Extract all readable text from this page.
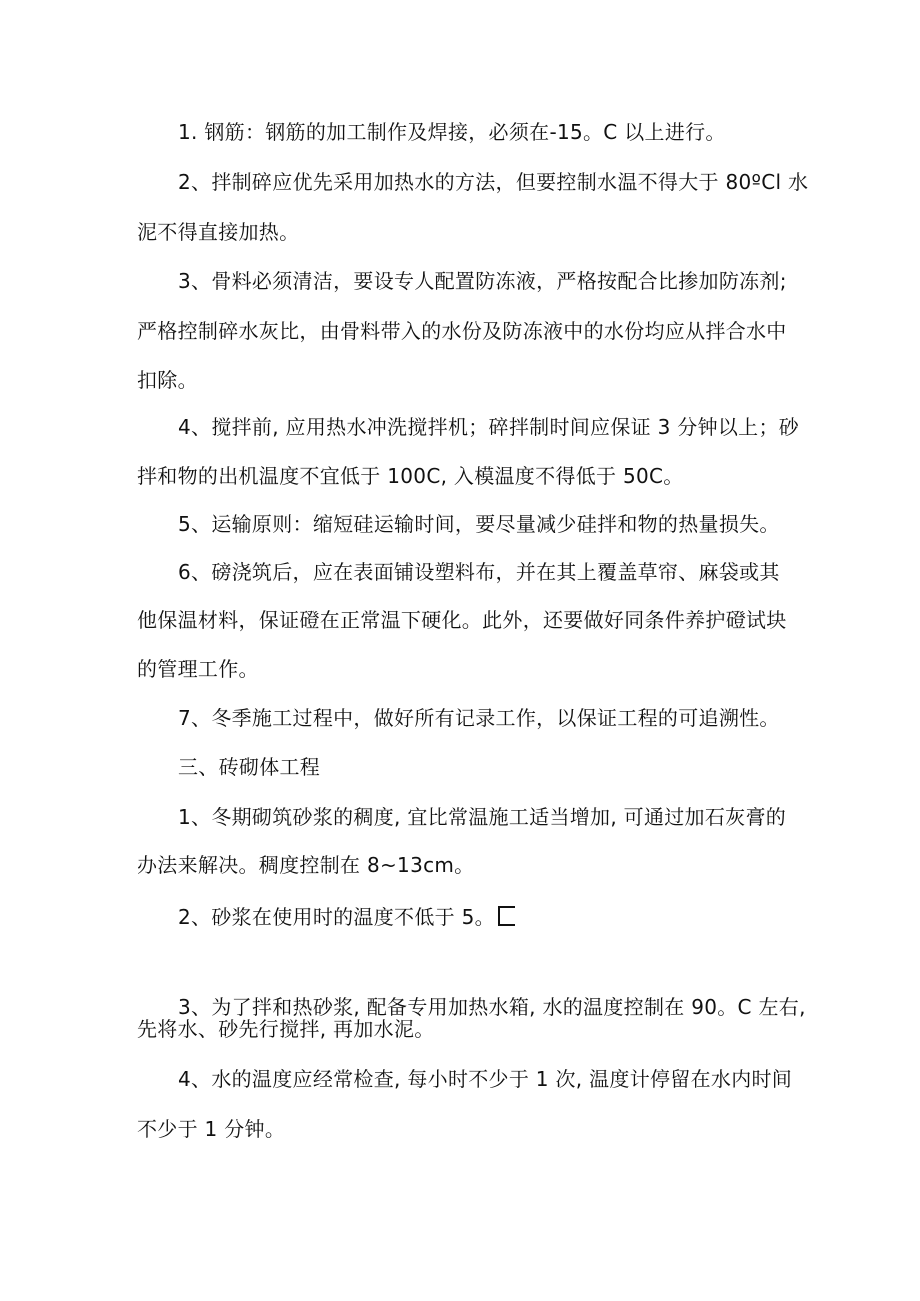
1. 钢筋：钢筋的加工制作及焊接，必须在-15。C 以上进行。
2、拌制碎应优先采用加热水的方法，但要控制水温不得大于 80ºCl 水
泥不得直接加热。
3、骨料必须清洁，要设专人配置防冻液，严格按配合比掺加防冻剂;
严格控制碎水灰比，由骨料带入的水份及防冻液中的水份均应从拌合水中
扣除。
4、搅拌前, 应用热水冲洗搅拌机；碎拌制时间应保证 3 分钟以上；砂
拌和物的出机温度不宜低于 100C, 入模温度不得低于 50C。
5、运输原则：缩短硅运输时间，要尽量减少硅拌和物的热量损失。
6、磅浇筑后，应在表面铺设塑料布，并在其上覆盖草帘、麻袋或其
他保温材料，保证磴在正常温下硬化。此外，还要做好同条件养护磴试块
的管理工作。
7、冬季施工过程中，做好所有记录工作，以保证工程的可追溯性。
三、砖砌体工程
1、冬期砌筑砂浆的稠度, 宜比常温施工适当增加, 可通过加石灰膏的
办法来解决。稠度控制在 8~13cm。
2、砂浆在使用时的温度不低于 5。
3、为了拌和热砂浆, 配备专用加热水箱, 水的温度控制在 90。C 左右,
先将水、砂先行搅拌, 再加水泥。
4、水的温度应经常检查, 每小时不少于 1 次, 温度计停留在水内时间
不少于 1 分钟。
